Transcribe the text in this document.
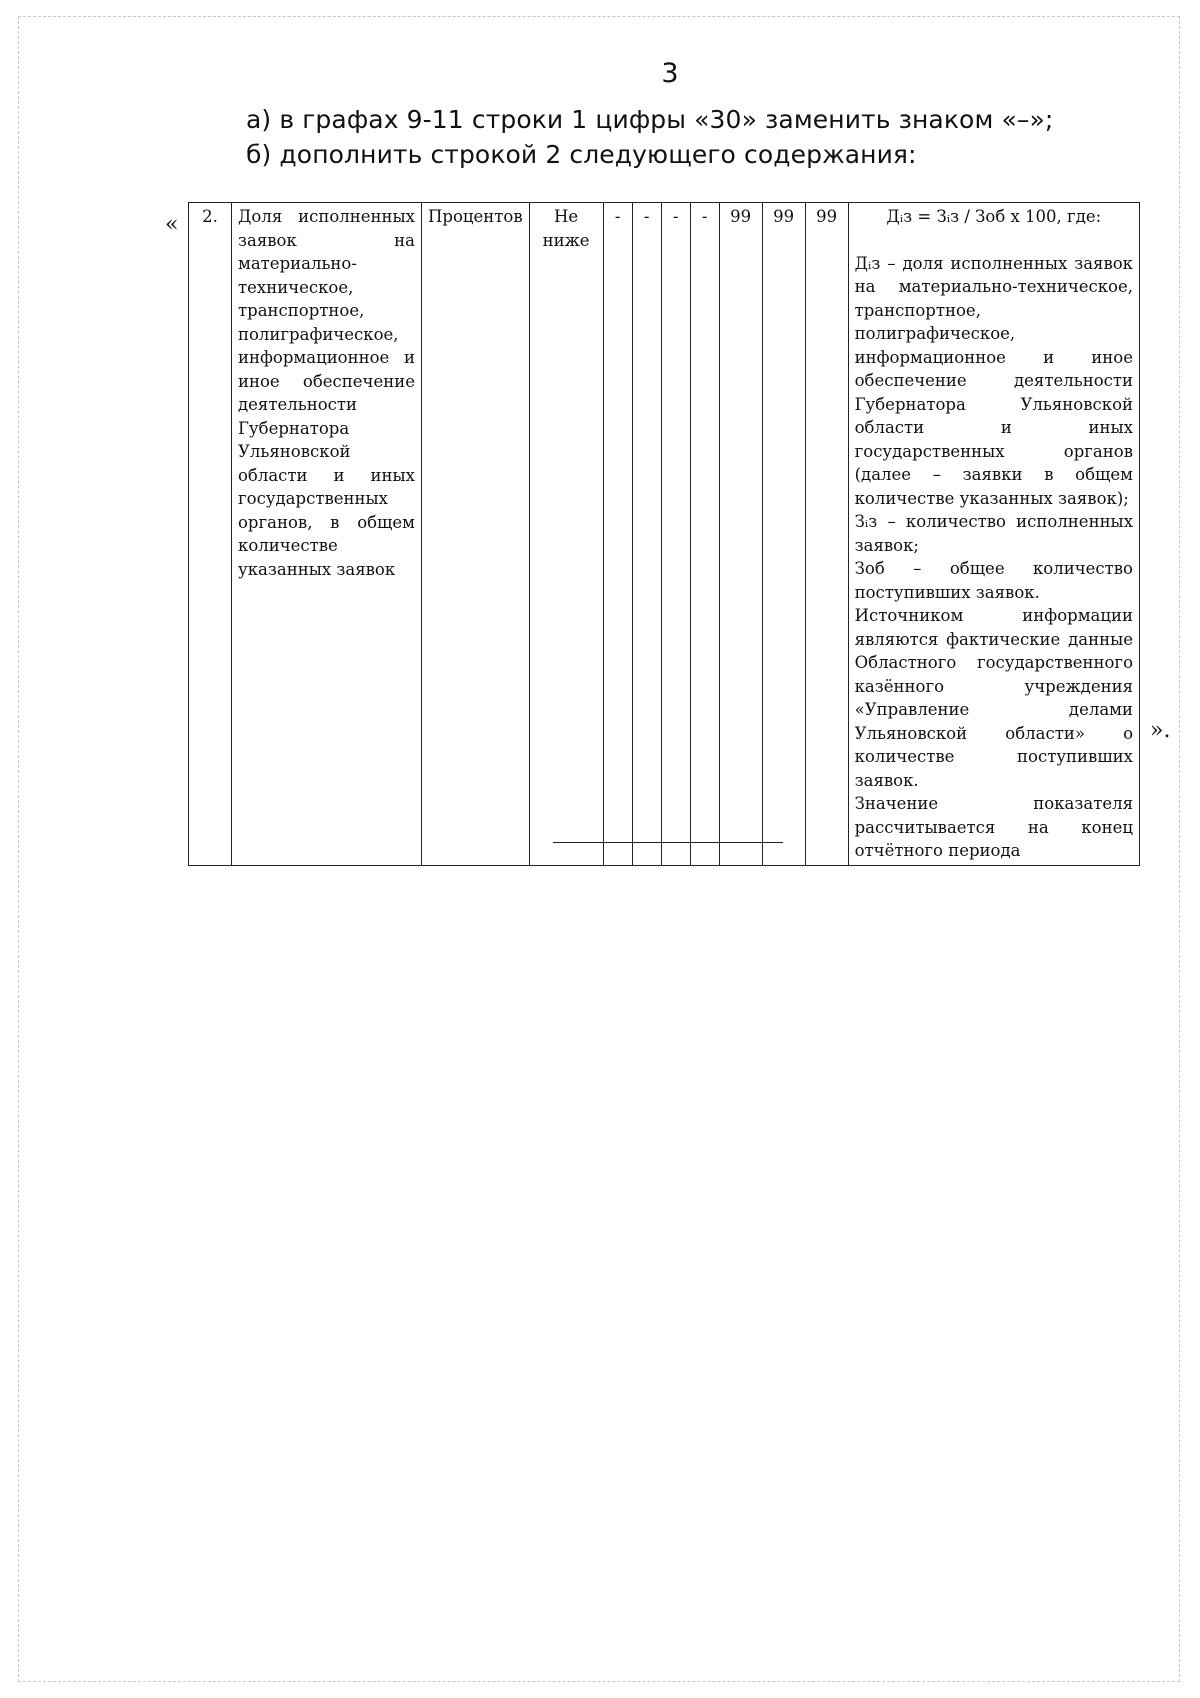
3
а) в графах 9-11 строки 1 цифры «30» заменить знаком «–»;
б) дополнить строкой 2 следующего содержания:
« 2.	Доля исполненных заявок на материально-техническое, транспортное, полиграфическое, информационное и иное обеспечение деятельности Губернатора Ульяновской области и иных государственных органов, в общем количестве указанных заявок	Процентов	Не ниже	-	-	-	-	99	99	99	Дᵢз = Зᵢз / Зоб x 100, где:

Дᵢз – доля исполненных заявок на материально-техническое, транспортное, полиграфическое, информационное и иное обеспечение деятельности Губернатора Ульяновской области и иных государственных органов (далее – заявки в общем количестве указанных заявок);

Зᵢз – количество исполненных заявок;

Зоб – общее количество поступивших заявок.

Источником информации являются фактические данные Областного государственного казённого учреждения «Управление делами Ульяновской области» о количестве поступивших заявок.

Значение показателя рассчитывается на конец отчётного периода

».
